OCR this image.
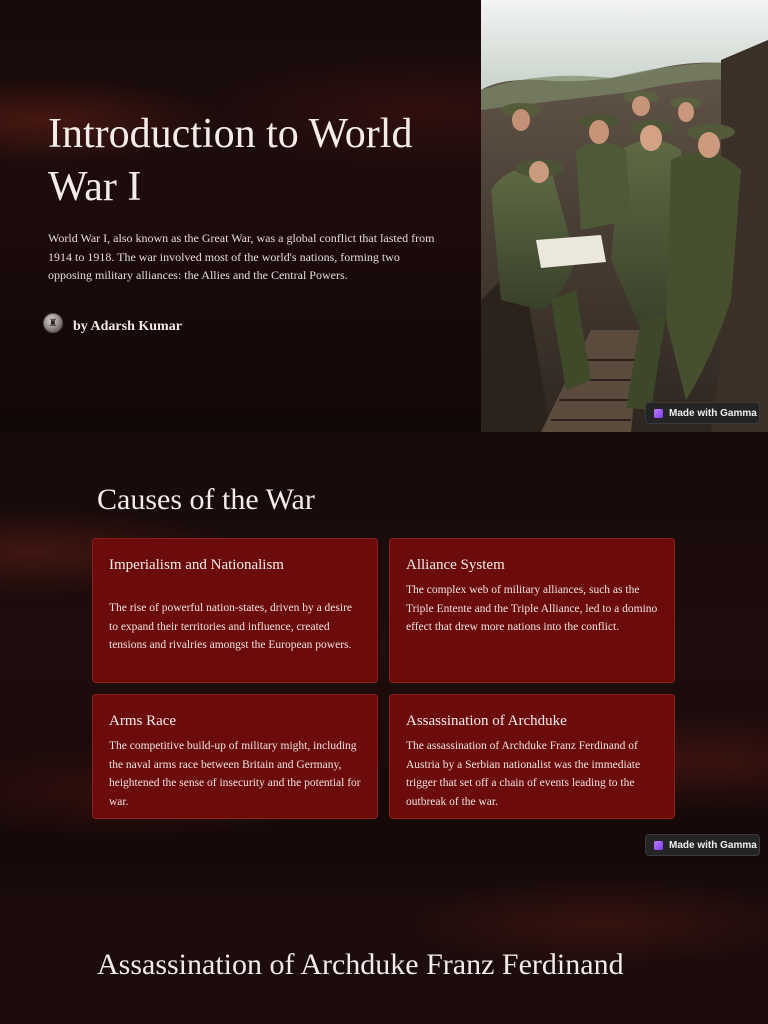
Introduction to World War I

World War I, also known as the Great War, was a global conflict that lasted from 1914 to 1918. The war involved most of the world's nations, forming two opposing military alliances: the Allies and the Central Powers.

♜ by Adarsh Kumar
Made with Gamma
Causes of the War
Imperialism and Nationalism
The rise of powerful nation-states, driven by a desire to expand their territories and influence, created tensions and rivalries amongst the European powers.
Alliance System
The complex web of military alliances, such as the Triple Entente and the Triple Alliance, led to a domino effect that drew more nations into the conflict.
Arms Race
The competitive build-up of military might, including the naval arms race between Britain and Germany, heightened the sense of insecurity and the potential for war.
Assassination of Archduke
The assassination of Archduke Franz Ferdinand of Austria by a Serbian nationalist was the immediate trigger that set off a chain of events leading to the outbreak of the war.
Made with Gamma
Assassination of Archduke Franz Ferdinand
